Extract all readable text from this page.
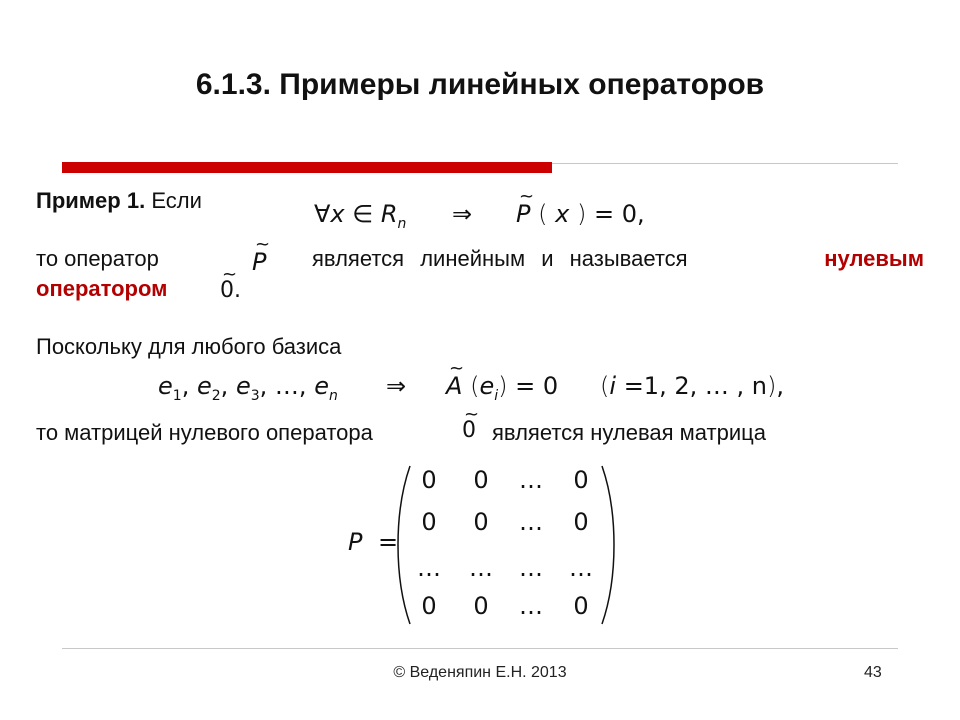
6.1.3. Примеры линейных операторов
Пример 1. Если	∀x ∈ $R_n$ ⇒
~
P ( x ) = 0,
то оператор
~
P является линейным и называется	нулевым
оператором
~
0.
Поскольку для любого базиса
$e_1$, $e_2$, $e_3$, …, $e_n$ ⇒
~
A $(e_i) = 0$ (i =1, 2, … , n),
то матрицей нулевого оператора
~
0 является нулевая матрица
P =
0	0	…	0
0	0	…	0
… … … …
0	0	…	0
© Веденяпин Е.Н. 2013	43
